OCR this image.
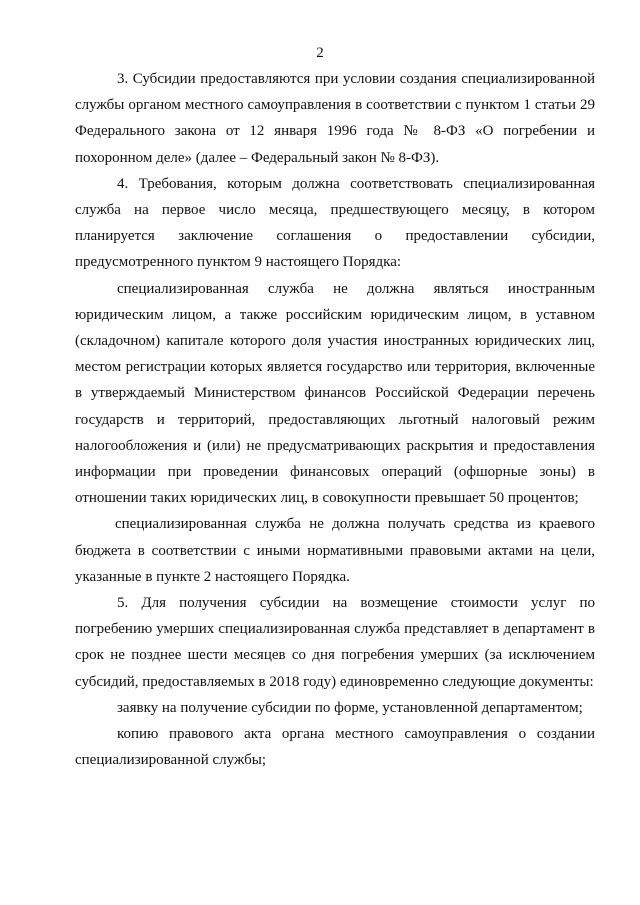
2

3. Субсидии предоставляются при условии создания специализированной службы органом местного самоуправления в соответствии с пунктом 1 статьи 29 Федерального закона от 12 января 1996 года № 8-ФЗ «О погребении и похоронном деле» (далее – Федеральный закон № 8-ФЗ).

4. Требования, которым должна соответствовать специализированная служба на первое число месяца, предшествующего месяцу, в котором планируется заключение соглашения о предоставлении субсидии, предусмотренного пунктом 9 настоящего Порядка:

специализированная служба не должна являться иностранным юридическим лицом, а также российским юридическим лицом, в уставном (складочном) капитале которого доля участия иностранных юридических лиц, местом регистрации которых является государство или территория, включенные в утверждаемый Министерством финансов Российской Федерации перечень государств и территорий, предоставляющих льготный налоговый режим налогообложения и (или) не предусматривающих раскрытия и предоставления информации при проведении финансовых операций (офшорные зоны) в отношении таких юридических лиц, в совокупности превышает 50 процентов;

специализированная служба не должна получать средства из краевого бюджета в соответствии с иными нормативными правовыми актами на цели, указанные в пункте 2 настоящего Порядка.

5. Для получения субсидии на возмещение стоимости услуг по погребению умерших специализированная служба представляет в департамент в срок не позднее шести месяцев со дня погребения умерших (за исключением субсидий, предоставляемых в 2018 году) единовременно следующие документы:

заявку на получение субсидии по форме, установленной департаментом;

копию правового акта органа местного самоуправления о создании специализированной службы;
